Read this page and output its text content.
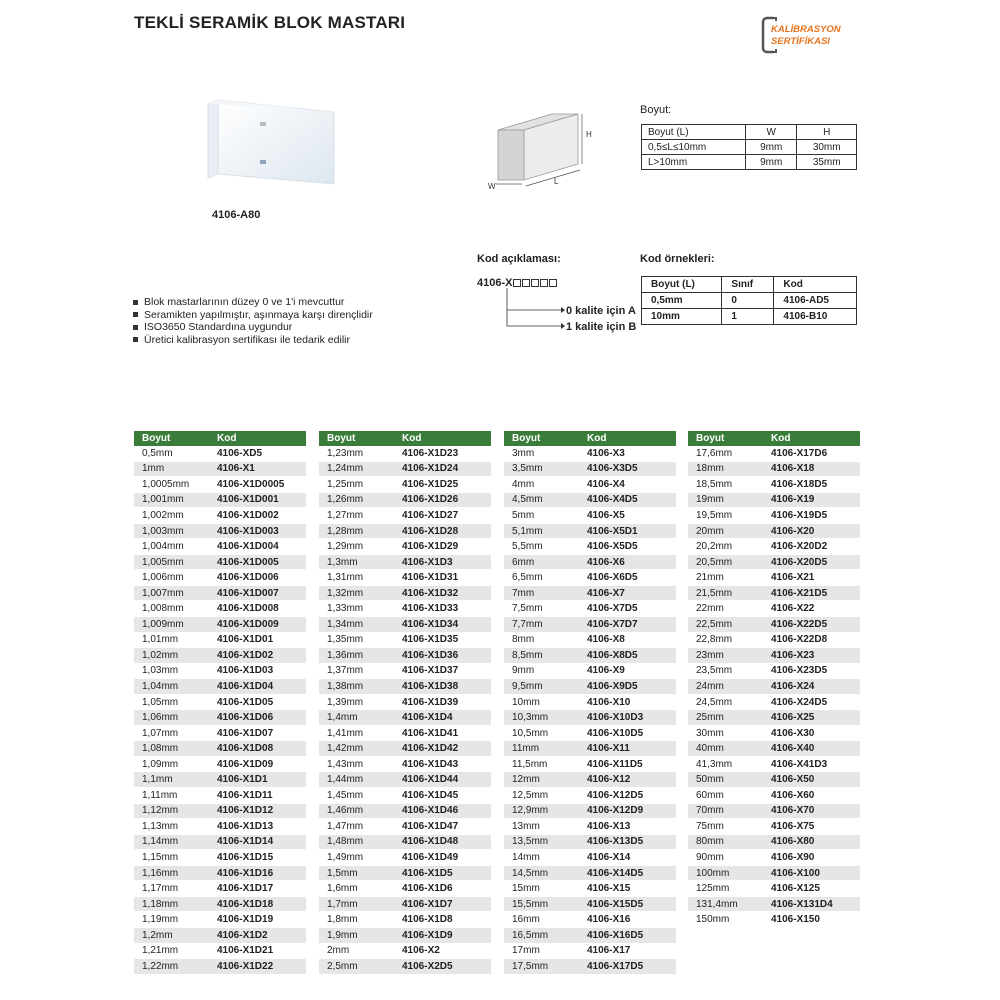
TEKLİ SERAMİK BLOK MASTARI	KALİBRASYON
SERTİFİKASI
4106-A80
H
L
W
Boyut:
Boyut (L)	W	H
0,5≤L≤10mm	9mm	30mm
L>10mm	9mm	35mm
Kod açıklaması:
4106-X
0 kalite için A
1 kalite için B
Kod örnekleri:
Boyut (L)	Sınıf	Kod
0,5mm	0	4106-AD5
10mm	1	4106-B10
Blok mastarlarının düzey 0 ve 1'i mevcuttur
Seramikten yapılmıştır, aşınmaya karşı dirençlidir
ISO3650 Standardına uygundur
Üretici kalibrasyon sertifikası ile tedarik edilir
Boyut	Kod
0,5mm	4106-XD5
1mm	4106-X1
1,0005mm	4106-X1D0005
1,001mm	4106-X1D001
1,002mm	4106-X1D002
1,003mm	4106-X1D003
1,004mm	4106-X1D004
1,005mm	4106-X1D005
1,006mm	4106-X1D006
1,007mm	4106-X1D007
1,008mm	4106-X1D008
1,009mm	4106-X1D009
1,01mm	4106-X1D01
1,02mm	4106-X1D02
1,03mm	4106-X1D03
1,04mm	4106-X1D04
1,05mm	4106-X1D05
1,06mm	4106-X1D06
1,07mm	4106-X1D07
1,08mm	4106-X1D08
1,09mm	4106-X1D09
1,1mm	4106-X1D1
1,11mm	4106-X1D11
1,12mm	4106-X1D12
1,13mm	4106-X1D13
1,14mm	4106-X1D14
1,15mm	4106-X1D15
1,16mm	4106-X1D16
1,17mm	4106-X1D17
1,18mm	4106-X1D18
1,19mm	4106-X1D19
1,2mm	4106-X1D2
1,21mm	4106-X1D21
1,22mm	4106-X1D22
Boyut	Kod
1,23mm	4106-X1D23
1,24mm	4106-X1D24
1,25mm	4106-X1D25
1,26mm	4106-X1D26
1,27mm	4106-X1D27
1,28mm	4106-X1D28
1,29mm	4106-X1D29
1,3mm	4106-X1D3
1,31mm	4106-X1D31
1,32mm	4106-X1D32
1,33mm	4106-X1D33
1,34mm	4106-X1D34
1,35mm	4106-X1D35
1,36mm	4106-X1D36
1,37mm	4106-X1D37
1,38mm	4106-X1D38
1,39mm	4106-X1D39
1,4mm	4106-X1D4
1,41mm	4106-X1D41
1,42mm	4106-X1D42
1,43mm	4106-X1D43
1,44mm	4106-X1D44
1,45mm	4106-X1D45
1,46mm	4106-X1D46
1,47mm	4106-X1D47
1,48mm	4106-X1D48
1,49mm	4106-X1D49
1,5mm	4106-X1D5
1,6mm	4106-X1D6
1,7mm	4106-X1D7
1,8mm	4106-X1D8
1,9mm	4106-X1D9
2mm	4106-X2
2,5mm	4106-X2D5
Boyut	Kod
3mm	4106-X3
3,5mm	4106-X3D5
4mm	4106-X4
4,5mm	4106-X4D5
5mm	4106-X5
5,1mm	4106-X5D1
5,5mm	4106-X5D5
6mm	4106-X6
6,5mm	4106-X6D5
7mm	4106-X7
7,5mm	4106-X7D5
7,7mm	4106-X7D7
8mm	4106-X8
8,5mm	4106-X8D5
9mm	4106-X9
9,5mm	4106-X9D5
10mm	4106-X10
10,3mm	4106-X10D3
10,5mm	4106-X10D5
11mm	4106-X11
11,5mm	4106-X11D5
12mm	4106-X12
12,5mm	4106-X12D5
12,9mm	4106-X12D9
13mm	4106-X13
13,5mm	4106-X13D5
14mm	4106-X14
14,5mm	4106-X14D5
15mm	4106-X15
15,5mm	4106-X15D5
16mm	4106-X16
16,5mm	4106-X16D5
17mm	4106-X17
17,5mm	4106-X17D5
Boyut	Kod
17,6mm	4106-X17D6
18mm	4106-X18
18,5mm	4106-X18D5
19mm	4106-X19
19,5mm	4106-X19D5
20mm	4106-X20
20,2mm	4106-X20D2
20,5mm	4106-X20D5
21mm	4106-X21
21,5mm	4106-X21D5
22mm	4106-X22
22,5mm	4106-X22D5
22,8mm	4106-X22D8
23mm	4106-X23
23,5mm	4106-X23D5
24mm	4106-X24
24,5mm	4106-X24D5
25mm	4106-X25
30mm	4106-X30
40mm	4106-X40
41,3mm	4106-X41D3
50mm	4106-X50
60mm	4106-X60
70mm	4106-X70
75mm	4106-X75
80mm	4106-X80
90mm	4106-X90
100mm	4106-X100
125mm	4106-X125
131,4mm	4106-X131D4
150mm	4106-X150
